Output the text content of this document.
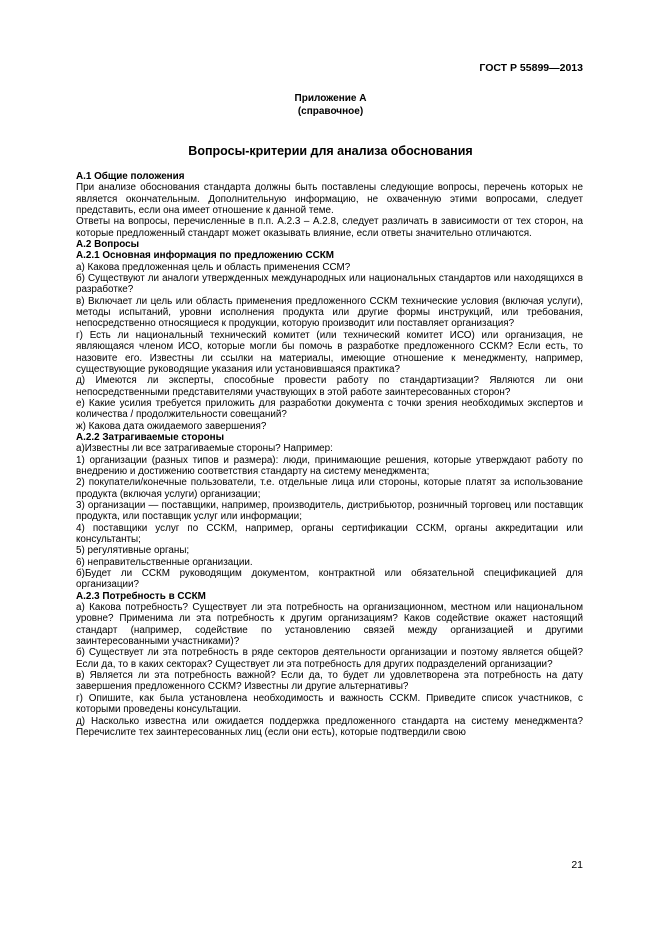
ГОСТ Р 55899—2013
Приложение А
(справочное)
Вопросы-критерии для анализа обоснования

А.1 Общие положения

При анализе обоснования стандарта должны быть поставлены следующие вопросы, перечень которых не является окончательным. Дополнительную информацию, не охваченную этими вопросами, следует представить, если она имеет отношение к данной теме.

Ответы на вопросы, перечисленные в п.п. А.2.3 – А.2.8, следует различать в зависимости от тех сторон, на которые предложенный стандарт может оказывать влияние, если ответы значительно отличаются.

А.2 Вопросы

А.2.1 Основная информация по предложению ССКМ

а) Какова предложенная цель и область применения ССМ?

б) Существуют ли аналоги утвержденных международных или национальных стандартов или находящихся в разработке?

в) Включает ли цель или область применения предложенного ССКМ технические условия (включая услуги), методы испытаний, уровни исполнения продукта или другие формы инструкций, или требования, непосредственно относящиеся к продукции, которую производит или поставляет организация?

г) Есть ли национальный технический комитет (или технический комитет ИСО) или организация, не являющаяся членом ИСО, которые могли бы помочь в разработке предложенного ССКМ? Если есть, то назовите его. Известны ли ссылки на материалы, имеющие отношение к менеджменту, например, существующие руководящие указания или установившаяся практика?

д) Имеются ли эксперты, способные провести работу по стандартизации? Являются ли они непосредственными представителями участвующих в этой работе заинтересованных сторон?

е) Какие усилия требуется приложить для разработки документа с точки зрения необходимых экспертов и количества / продолжительности совещаний?

ж) Какова дата ожидаемого завершения?

А.2.2 Затрагиваемые стороны

а)Известны ли все затрагиваемые стороны? Например:

1) организации (разных типов и размера): люди, принимающие решения, которые утверждают работу по внедрению и достижению соответствия стандарту на систему менеджмента;

2) покупатели/конечные пользователи, т.е. отдельные лица или стороны, которые платят за использование продукта (включая услуги) организации;

3) организации — поставщики, например, производитель, дистрибьютор, розничный торговец или поставщик продукта, или поставщик услуг или информации;

4) поставщики услуг по ССКМ, например, органы сертификации ССКМ, органы аккредитации или консультанты;

5) регулятивные органы;

6) неправительственные организации.

б)Будет ли ССКМ руководящим документом, контрактной или обязательной спецификацией для организации?

А.2.3 Потребность в ССКМ

а) Какова потребность? Существует ли эта потребность на организационном, местном или национальном уровне? Применима ли эта потребность к другим организациям? Каков содействие окажет настоящий стандарт (например, содействие по установлению связей между организацией и другими заинтересованными участниками)?

б) Существует ли эта потребность в ряде секторов деятельности организации и поэтому является общей? Если да, то в каких секторах? Существует ли эта потребность для других подразделений организации?

в) Является ли эта потребность важной? Если да, то будет ли удовлетворена эта потребность на дату завершения предложенного ССКМ? Известны ли другие альтернативы?

г) Опишите, как была установлена необходимость и важность ССКМ. Приведите список участников, с которыми проведены консультации.

д) Насколько известна или ожидается поддержка предложенного стандарта на систему менеджмента? Перечислите тех заинтересованных лиц (если они есть), которые подтвердили свою

21
